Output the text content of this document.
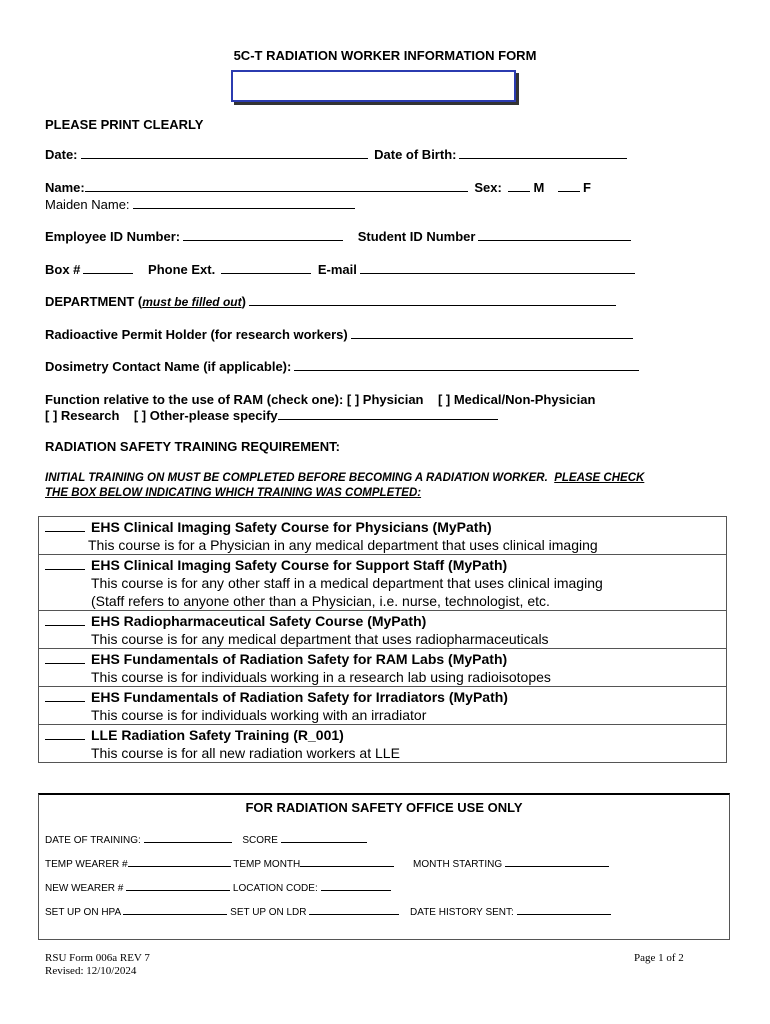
5C-T RADIATION WORKER INFORMATION FORM
PLEASE PRINT CLEARLY
Date:	Date of Birth:
Name:	Sex: M	F
Maiden Name:
Employee ID Number:	Student ID Number
Box #	Phone Ext.	E-mail
DEPARTMENT (must be filled out)
Radioactive Permit Holder (for research workers)
Dosimetry Contact Name (if applicable):
Function relative to the use of RAM (check one): [ ] Physician    [ ] Medical/Non-Physician
[ ] Research    [ ] Other-please specify
RADIATION SAFETY TRAINING REQUIREMENT:
INITIAL TRAINING ON MUST BE COMPLETED BEFORE BECOMING A RADIATION WORKER.  PLEASE CHECK
THE BOX BELOW INDICATING WHICH TRAINING WAS COMPLETED:
EHS Clinical Imaging Safety Course for Physicians (MyPath)
This course is for a Physician in any medical department that uses clinical imaging
EHS Clinical Imaging Safety Course for Support Staff (MyPath)
This course is for any other staff in a medical department that uses clinical imaging
(Staff refers to anyone other than a Physician, i.e. nurse, technologist, etc.
EHS Radiopharmaceutical Safety Course (MyPath)
This course is for any medical department that uses radiopharmaceuticals
EHS Fundamentals of Radiation Safety for RAM Labs (MyPath)
This course is for individuals working in a research lab using radioisotopes
EHS Fundamentals of Radiation Safety for Irradiators (MyPath)
This course is for individuals working with an irradiator
LLE Radiation Safety Training (R_001)
This course is for all new radiation workers at LLE
FOR RADIATION SAFETY OFFICE USE ONLY
DATE OF TRAINING:	SCORE
TEMP WEARER #	TEMP MONTH	MONTH STARTING
NEW WEARER #	LOCATION CODE:
SET UP ON HPA	SET UP ON LDR	DATE HISTORY SENT:
RSU Form 006a REV 7
Revised: 12/10/2024
Page 1 of 2
